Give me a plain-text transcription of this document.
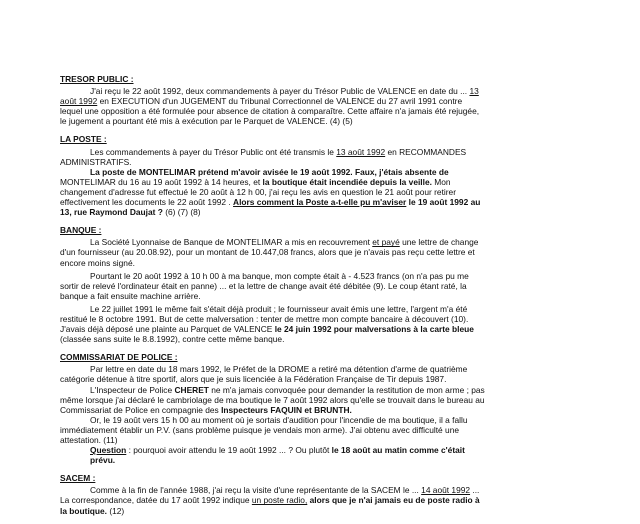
TRESOR PUBLIC :

J'ai reçu le 22 août 1992, deux commandements à payer du Trésor Public de VALENCE en date du ... 13 août 1992 en EXECUTION d'un JUGEMENT du Tribunal Correctionnel de VALENCE du 27 avril 1991 contre lequel une opposition a été formulée pour absence de citation à comparaître. Cette affaire n'a jamais été rejugée, le jugement a pourtant été mis à exécution par le Parquet de VALENCE. (4) (5)

LA POSTE :

Les commandements à payer du Trésor Public ont été transmis le 13 août 1992 en RECOMMANDES ADMINISTRATIFS.

La poste de MONTELIMAR prétend m'avoir avisée le 19 août 1992. Faux, j'étais absente de MONTELIMAR du 16 au 19 août 1992 à 14 heures, et la boutique était incendiée depuis la veille. Mon changement d'adresse fut effectué le 20 août à 12 h 00, j'ai reçu les avis en question le 21 août pour retirer effectivement les documents le 22 août 1992 . Alors comment la Poste a-t-elle pu m'aviser le 19 août 1992 au 13, rue Raymond Daujat ? (6) (7) (8)

BANQUE :

La Société Lyonnaise de Banque de MONTELIMAR a mis en recouvrement et payé une lettre de change d'un fournisseur (au 20.08.92), pour un montant de 10.447,08 francs, alors que je n'avais pas reçu cette lettre et encore moins signé.

Pourtant le 20 août 1992 à 10 h 00 à ma banque, mon compte était à - 4.523 francs (on n'a pas pu me sortir de relevé l'ordinateur était en panne) ... et la lettre de change avait été débitée (9). Le coup étant raté, la banque a fait ensuite machine arrière.

Le 22 juillet 1991 le même fait s'était déjà produit ; le fournisseur avait émis une lettre, l'argent m'a été restitué le 8 octobre 1991. But de cette malversation : tenter de mettre mon compte bancaire à découvert (10). J'avais déjà déposé une plainte au Parquet de VALENCE le 24 juin 1992 pour malversations à la carte bleue (classée sans suite le 8.8.1992), contre cette même banque.

COMMISSARIAT DE POLICE :

Par lettre en date du 18 mars 1992, le Préfet de la DROME a retiré ma détention d'arme de quatrième catégorie détenue à titre sportif, alors que je suis licenciée à la Fédération Française de Tir depuis 1987.

L'Inspecteur de Police CHERET ne m'a jamais convoquée pour demander la restitution de mon arme ; pas même lorsque j'ai déclaré le cambriolage de ma boutique le 7 août 1992 alors qu'elle se trouvait dans le bureau au Commissariat de Police en compagnie des Inspecteurs FAQUIN et BRUNTH.

Or, le 19 août vers 15 h 00 au moment où je sortais d'audition pour l'incendie de ma boutique, il a fallu immédiatement établir un P.V. (sans problème puisque je vendais mon arme). J'ai obtenu avec difficulté une attestation. (11)

Question : pourquoi avoir attendu le 19 août 1992 ... ? Ou plutôt le 18 août au matin comme c'était prévu.

SACEM :

Comme à la fin de l'année 1988, j'ai reçu la visite d'une représentante de la SACEM le ... 14 août 1992 ... La correspondance, datée du 17 août 1992 indique un poste radio, alors que je n'ai jamais eu de poste radio à la boutique. (12)
